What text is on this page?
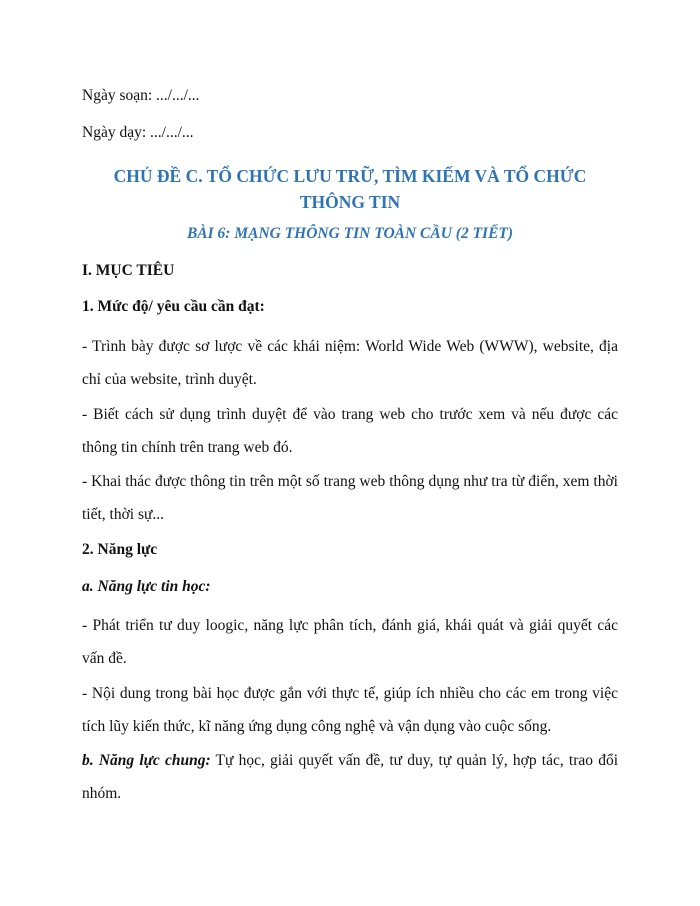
Ngày soạn: .../.../...

Ngày dạy: .../.../...

CHỦ ĐỀ C. TỔ CHỨC LƯU TRỮ, TÌM KIẾM VÀ TỔ CHỨC
THÔNG TIN

BÀI 6: MẠNG THÔNG TIN TOÀN CẦU (2 TIẾT)

I. MỤC TIÊU

1. Mức độ/ yêu cầu cần đạt:

- Trình bày được sơ lược về các khái niệm: World Wide Web (WWW), website, địa chỉ của website, trình duyệt.

- Biết cách sử dụng trình duyệt để vào trang web cho trước xem và nếu được các thông tin chính trên trang web đó.

- Khai thác được thông tin trên một số trang web thông dụng như tra từ điển, xem thời tiết, thời sự...

2. Năng lực

a. Năng lực tin học:

- Phát triển tư duy loogic, năng lực phân tích, đánh giá, khái quát và giải quyết các vấn đề.

- Nội dung trong bài học được gắn với thực tế, giúp ích nhiều cho các em trong việc tích lũy kiến thức, kĩ năng ứng dụng công nghệ và vận dụng vào cuộc sống.

b. Năng lực chung: Tự học, giải quyết vấn đề, tư duy, tự quản lý, hợp tác, trao đổi nhóm.
